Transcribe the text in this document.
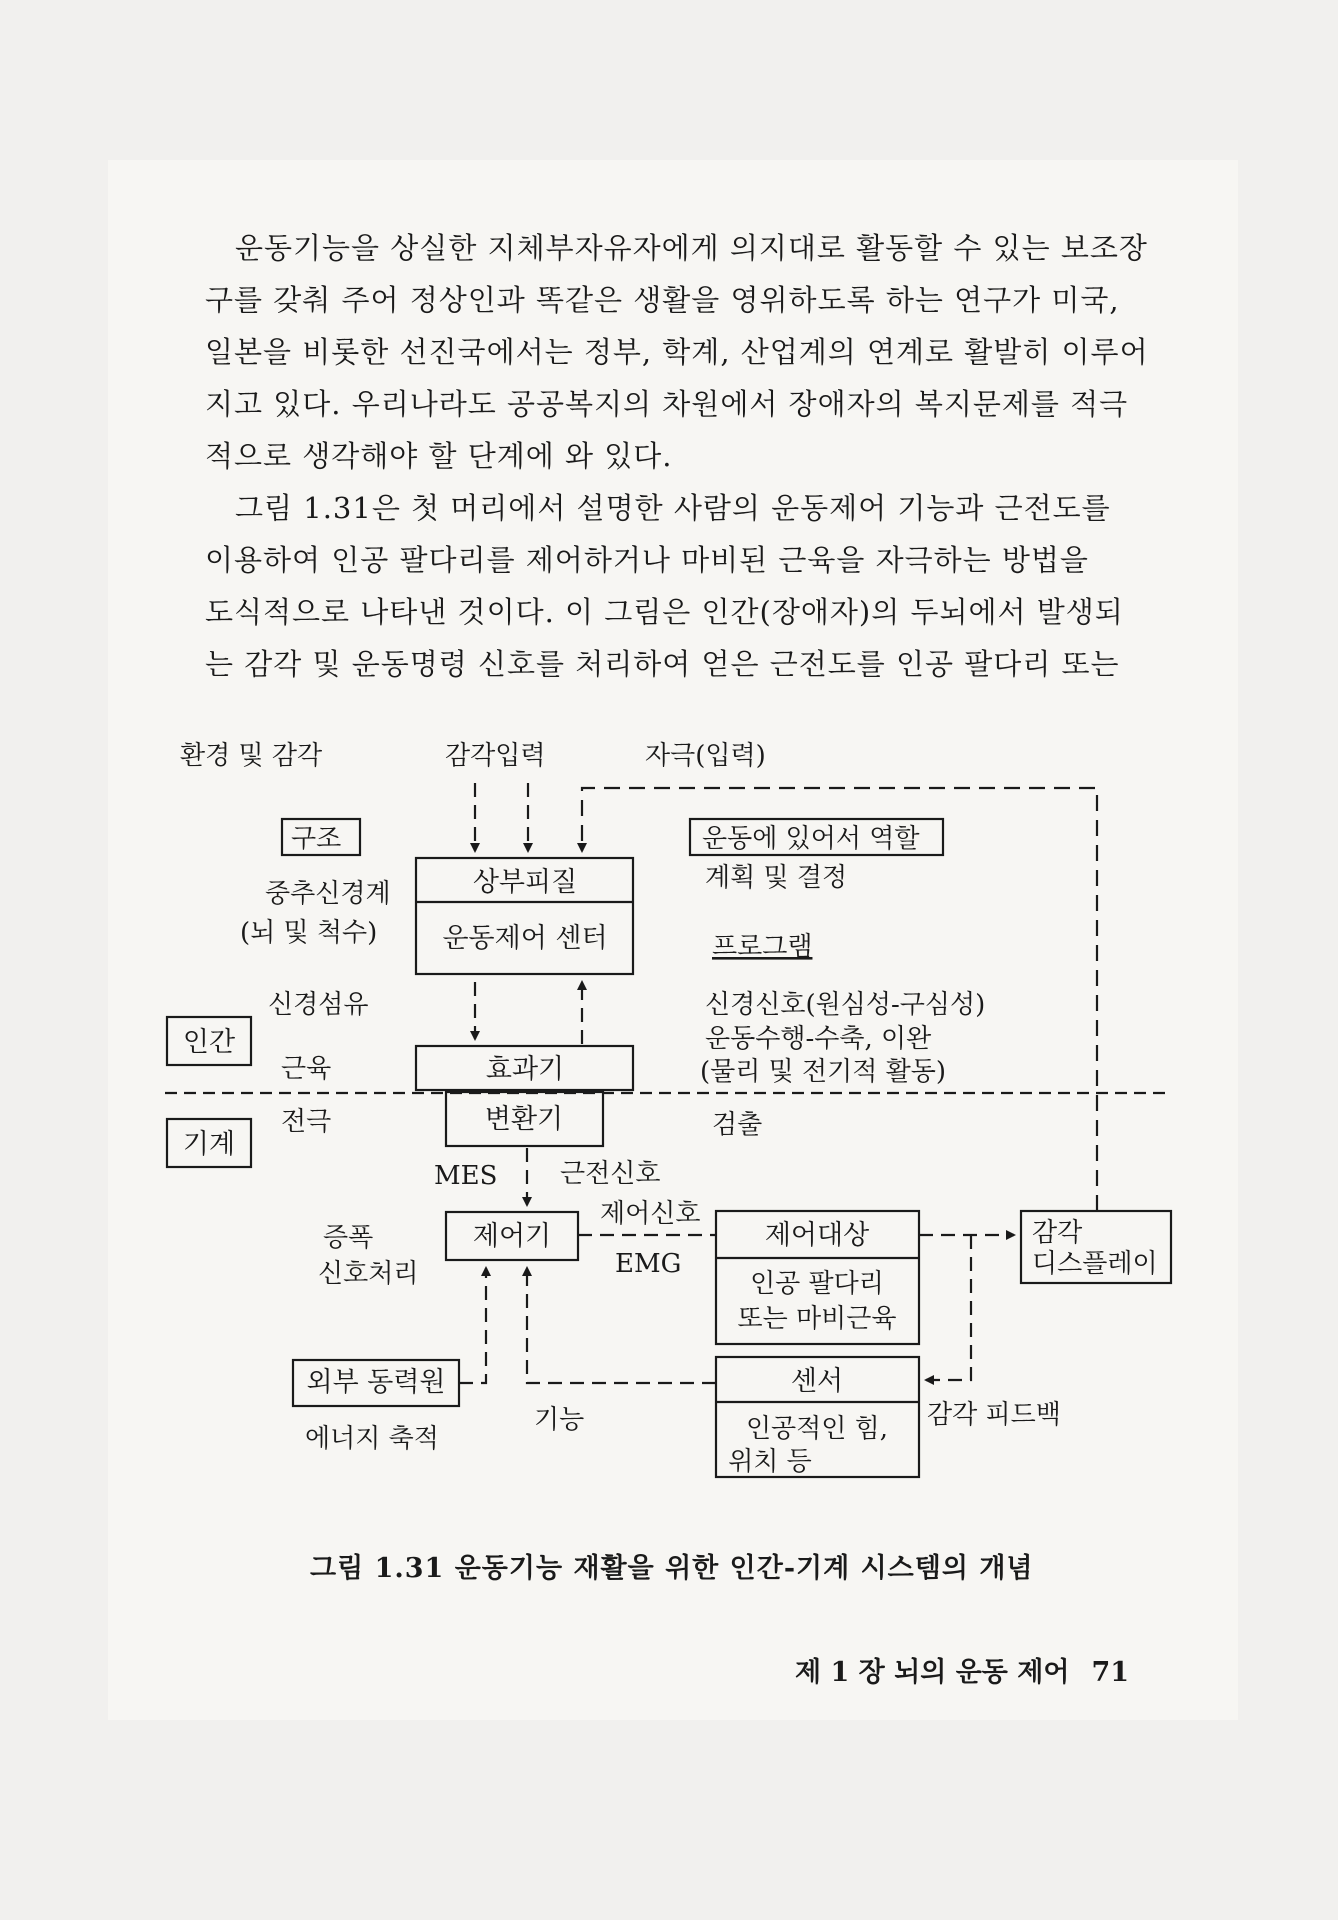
운동기능을 상실한 지체부자유자에게 의지대로 활동할 수 있는 보조장
구를 갖춰 주어 정상인과 똑같은 생활을 영위하도록 하는 연구가 미국,
일본을 비롯한 선진국에서는 정부, 학계, 산업계의 연계로 활발히 이루어
지고 있다. 우리나라도 공공복지의 차원에서 장애자의 복지문제를 적극
적으로 생각해야 할 단계에 와 있다.
그림 1.31은 첫 머리에서 설명한 사람의 운동제어 기능과 근전도를
이용하여 인공 팔다리를 제어하거나 마비된 근육을 자극하는 방법을
도식적으로 나타낸 것이다. 이 그림은 인간(장애자)의 두뇌에서 발생되
는 감각 및 운동명령 신호를 처리하여 얻은 근전도를 인공 팔다리 또는
환경 및 감각	감각입력	자극(입력)
구조	운동에 있어서 역할
계획 및 결정
중추신경계
(뇌 및 척수)
상부피질
운동제어 센터	프로그램
신경섬유	신경신호(원심성-구심성)
운동수행-수축, 이완
(물리 및 전기적 활동)
인간
근육	효과기
전극	변환기
기계
검출
MES 근전신호
증폭
신호처리
제어기
제어신호
EMG
제어대상
인공 팔다리
또는 마비근육
감각
디스플레이
외부 동력원
에너지 축적
기능
센서
인공적인 힘,
위치 등
감각 피드백
그림 1.31 운동기능 재활을 위한 인간-기계 시스템의 개념
제 1 장 뇌의 운동 제어 71
